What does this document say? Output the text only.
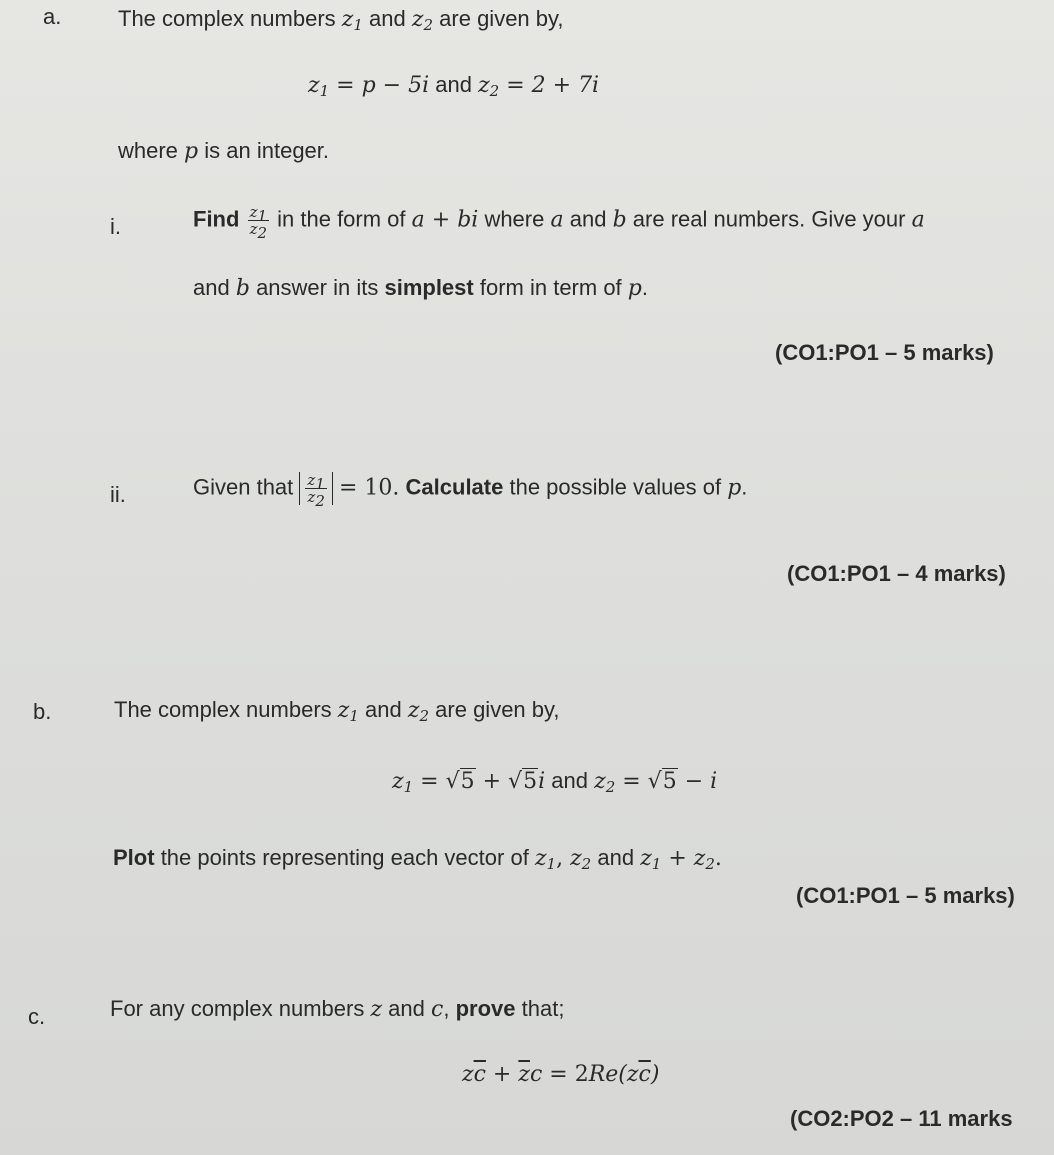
a.	The complex numbers $z_1$ and $z_2$ are given by,
$z_1 = p - 5i$ and $z_2 = 2 + 7i$
where p is an integer.
i.	Find $\frac{z_1}{z_2}$ in the form of a + bi where a and b are real numbers. Give your a
and b answer in its simplest form in term of p.
(CO1:PO1 – 5 marks)
ii.	Given that $\frac{z_1}{z_2} = 10$. Calculate the possible values of p.
(CO1:PO1 – 4 marks)
b.	The complex numbers $z_1$ and $z_2$ are given by,
$z_1 = √5 + √5i$ and $z_2 = √5 - i$
Plot the points representing each vector of $z_1$, $z_2$ and $z_1 + z_2$.
(CO1:PO1 – 5 marks)
c.	For any complex numbers z and c, prove that;
$z\overline{c} + \overline{z}c = 2Re(z\overline{c})$
(CO2:PO2 – 11 marks
